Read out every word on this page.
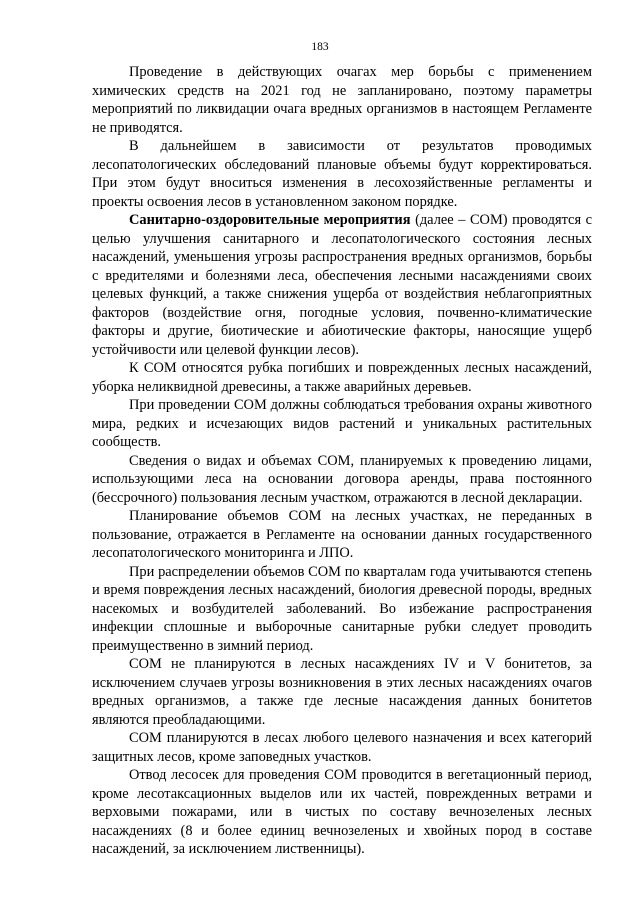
183

Проведение в действующих очагах мер борьбы с применением химических средств на 2021 год не запланировано, поэтому параметры мероприятий по ликвидации очага вредных организмов в настоящем Регламенте не приводятся.

В дальнейшем в зависимости от результатов проводимых лесопатологических обследований плановые объемы будут корректироваться. При этом будут вноситься изменения в лесохозяйственные регламенты и проекты освоения лесов в установленном законом порядке.

Санитарно-оздоровительные мероприятия (далее – СОМ) проводятся с целью улучшения санитарного и лесопатологического состояния лесных насаждений, уменьшения угрозы распространения вредных организмов, борьбы с вредителями и болезнями леса, обеспечения лесными насаждениями своих целевых функций, а также снижения ущерба от воздействия неблагоприятных факторов (воздействие огня, погодные условия, почвенно-климатические факторы и другие, биотические и абиотические факторы, наносящие ущерб устойчивости или целевой функции лесов).

К СОМ относятся рубка погибших и поврежденных лесных насаждений, уборка неликвидной древесины, а также аварийных деревьев.

При проведении СОМ должны соблюдаться требования охраны животного мира, редких и исчезающих видов растений и уникальных растительных сообществ.

Сведения о видах и объемах СОМ, планируемых к проведению лицами, использующими леса на основании договора аренды, права постоянного (бессрочного) пользования лесным участком, отражаются в лесной декларации.

Планирование объемов СОМ на лесных участках, не переданных в пользование, отражается в Регламенте на основании данных государственного лесопатологического мониторинга и ЛПО.

При распределении объемов СОМ по кварталам года учитываются степень и время повреждения лесных насаждений, биология древесной породы, вредных насекомых и возбудителей заболеваний. Во избежание распространения инфекции сплошные и выборочные санитарные рубки следует проводить преимущественно в зимний период.

СОМ не планируются в лесных насаждениях IV и V бонитетов, за исключением случаев угрозы возникновения в этих лесных насаждениях очагов вредных организмов, а также где лесные насаждения данных бонитетов являются преобладающими.

СОМ планируются в лесах любого целевого назначения и всех категорий защитных лесов, кроме заповедных участков.

Отвод лесосек для проведения СОМ проводится в вегетационный период, кроме лесотаксационных выделов или их частей, поврежденных ветрами и верховыми пожарами, или в чистых по составу вечнозеленых лесных насаждениях (8 и более единиц вечнозеленых и хвойных пород в составе насаждений, за исключением лиственницы).
